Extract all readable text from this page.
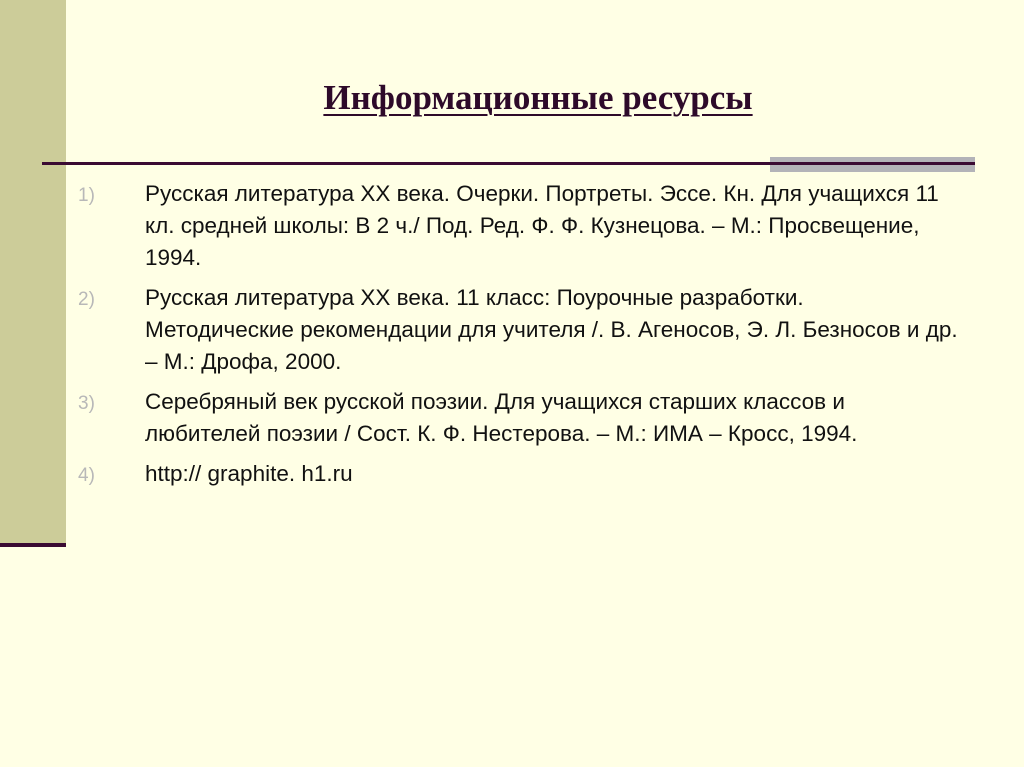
Информационные ресурсы
1)	Русская литература XX века. Очерки. Портреты. Эссе. Кн. Для учащихся 11 кл. средней школы: В 2 ч./ Под. Ред. Ф. Ф. Кузнецова. – М.: Просвещение, 1994.
2)	Русская литература XX века. 11 класс: Поурочные разработки. Методические рекомендации для учителя /. В. Агеносов, Э. Л. Безносов и др. – М.: Дрофа, 2000.
3)	Серебряный век русской поэзии. Для учащихся старших классов и любителей поэзии / Сост. К. Ф. Нестерова. – М.: ИМА – Кросс, 1994.
4)	http:// graphite. h1.ru
